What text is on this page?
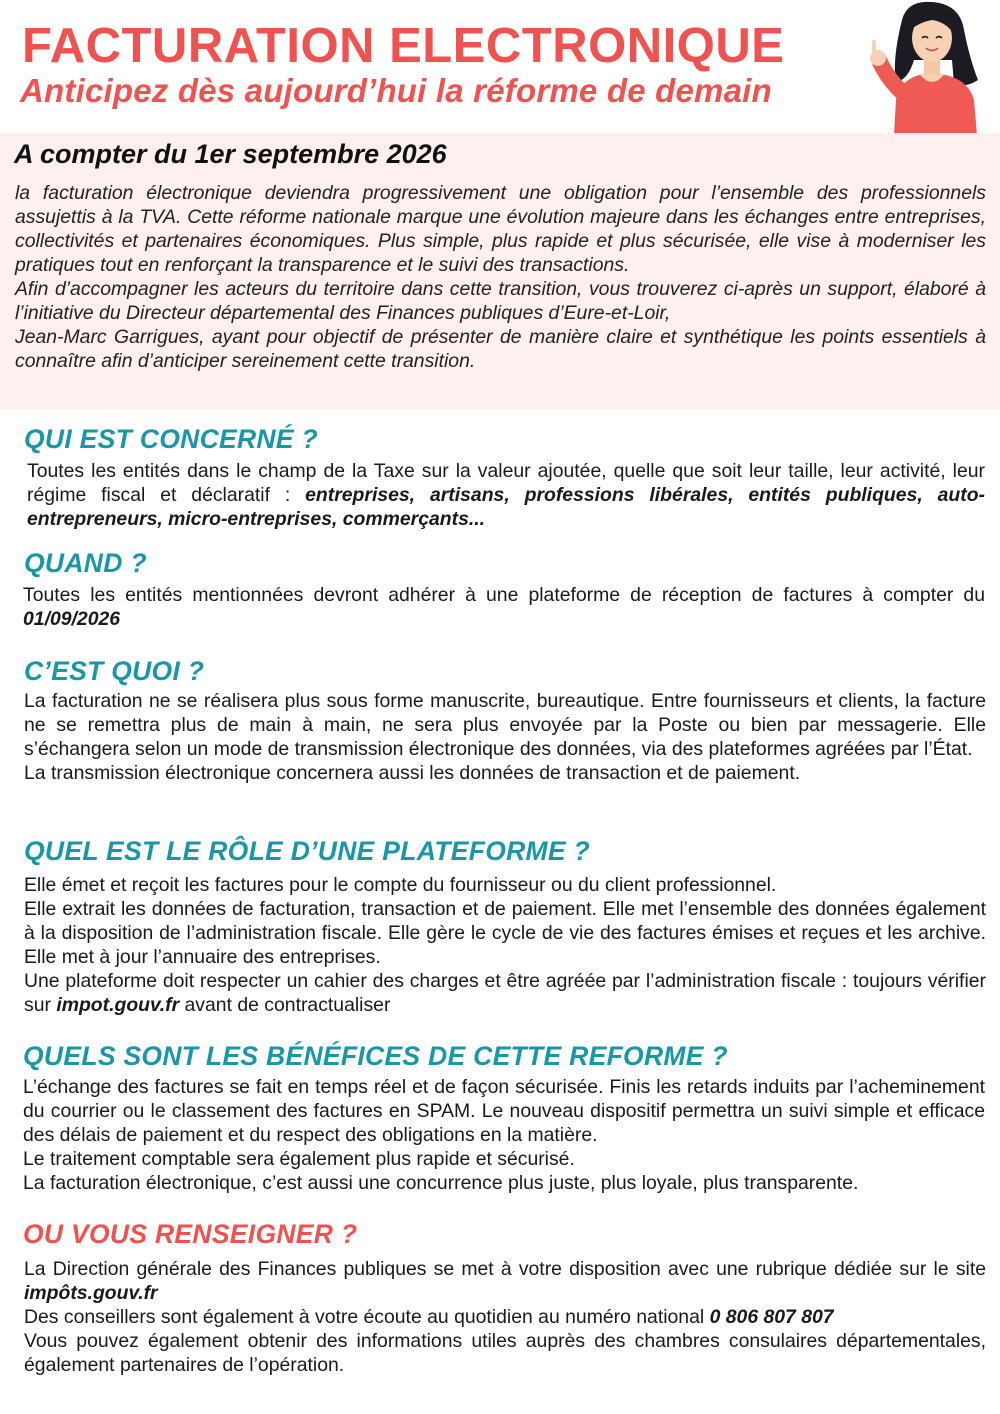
FACTURATION ELECTRONIQUE
Anticipez dès aujourd’hui la réforme de demain
A compter du 1er septembre 2026

la facturation électronique deviendra progressivement une obligation pour l’ensemble des professionnels assujettis à la TVA. Cette réforme nationale marque une évolution majeure dans les échanges entre entreprises, collectivités et partenaires économiques. Plus simple, plus rapide et plus sécurisée, elle vise à moderniser les pratiques tout en renforçant la transparence et le suivi des transactions.

Afin d’accompagner les acteurs du territoire dans cette transition, vous trouverez ci-après un support, élaboré à l’initiative du Directeur départemental des Finances publiques d’Eure-et-Loir,

Jean-Marc Garrigues, ayant pour objectif de présenter de manière claire et synthétique les points essentiels à connaître afin d’anticiper sereinement cette transition.

QUI EST CONCERNÉ ?

Toutes les entités dans le champ de la Taxe sur la valeur ajoutée, quelle que soit leur taille, leur activité, leur régime fiscal et déclaratif : entreprises, artisans, professions libérales, entités publiques, auto-entrepreneurs, micro-entreprises, commerçants...

QUAND ?

Toutes les entités mentionnées devront adhérer à une plateforme de réception de factures à compter du 01/09/2026

C’EST QUOI ?

La facturation ne se réalisera plus sous forme manuscrite, bureautique. Entre fournisseurs et clients, la facture ne se remettra plus de main à main, ne sera plus envoyée par la Poste ou bien par messagerie. Elle s’échangera selon un mode de transmission électronique des données, via des plateformes agréées par l’État.

La transmission électronique concernera aussi les données de transaction et de paiement.

QUEL EST LE RÔLE D’UNE PLATEFORME ?

Elle émet et reçoit les factures pour le compte du fournisseur ou du client professionnel.

Elle extrait les données de facturation, transaction et de paiement. Elle met l’ensemble des données également à la disposition de l’administration fiscale. Elle gère le cycle de vie des factures émises et reçues et les archive. Elle met à jour l’annuaire des entreprises.

Une plateforme doit respecter un cahier des charges et être agréée par l’administration fiscale : toujours vérifier sur impot.gouv.fr avant de contractualiser

QUELS SONT LES BÉNÉFICES DE CETTE REFORME ?

L’échange des factures se fait en temps réel et de façon sécurisée. Finis les retards induits par l’acheminement du courrier ou le classement des factures en SPAM. Le nouveau dispositif permettra un suivi simple et efficace des délais de paiement et du respect des obligations en la matière.

Le traitement comptable sera également plus rapide et sécurisé.

La facturation électronique, c’est aussi une concurrence plus juste, plus loyale, plus transparente.

OU VOUS RENSEIGNER ?

La Direction générale des Finances publiques se met à votre disposition avec une rubrique dédiée sur le site impôts.gouv.fr

Des conseillers sont également à votre écoute au quotidien au numéro national 0 806 807 807

Vous pouvez également obtenir des informations utiles auprès des chambres consulaires départementales, également partenaires de l’opération.
